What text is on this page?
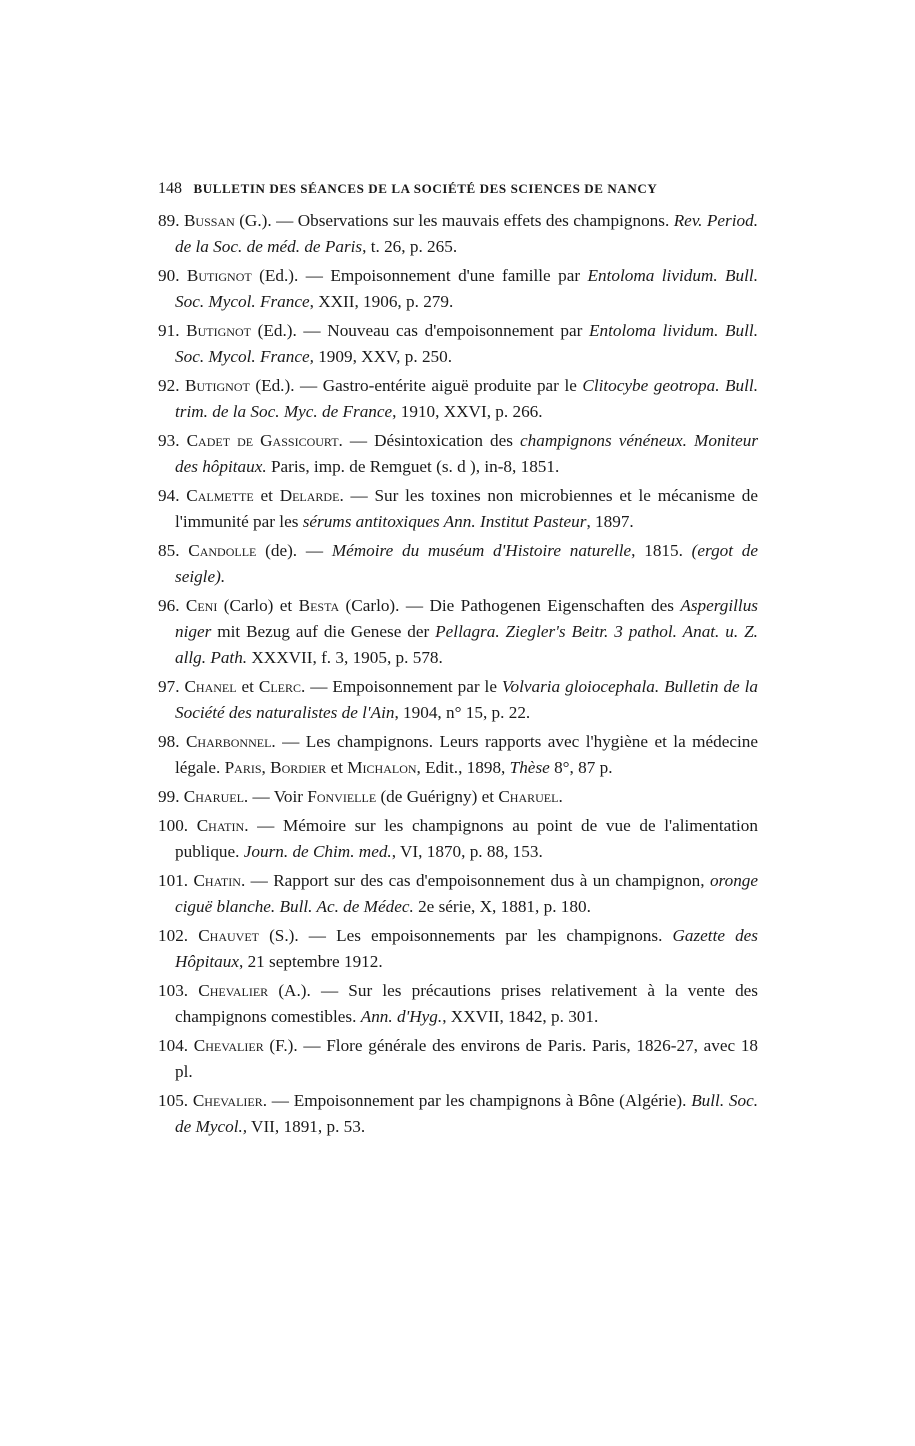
148 BULLETIN DES SÉANCES DE LA SOCIÉTÉ DES SCIENCES DE NANCY
89. Bussan (G.). — Observations sur les mauvais effets des champignons. Rev. Period. de la Soc. de méd. de Paris, t. 26, p. 265.
90. Butignot (Ed.). — Empoisonnement d'une famille par Entoloma lividum. Bull. Soc. Mycol. France, XXII, 1906, p. 279.
91. Butignot (Ed.). — Nouveau cas d'empoisonnement par Entoloma lividum. Bull. Soc. Mycol. France, 1909, XXV, p. 250.
92. Butignot (Ed.). — Gastro-entérite aiguë produite par le Clitocybe geotropa. Bull. trim. de la Soc. Myc. de France, 1910, XXVI, p. 266.
93. Cadet de Gassicourt. — Désintoxication des champignons vénéneux. Moniteur des hôpitaux. Paris, imp. de Remguet (s. d ), in-8, 1851.
94. Calmette et Delarde. — Sur les toxines non microbiennes et le mécanisme de l'immunité par les sérums antitoxiques Ann. Institut Pasteur, 1897.
85. Candolle (de). — Mémoire du muséum d'Histoire naturelle, 1815. (ergot de seigle).
96. Ceni (Carlo) et Besta (Carlo). — Die Pathogenen Eigenschaften des Aspergillus niger mit Bezug auf die Genese der Pellagra. Ziegler's Beitr. 3 pathol. Anat. u. Z. allg. Path. XXXVII, f. 3, 1905, p. 578.
97. Chanel et Clerc. — Empoisonnement par le Volvaria gloiocephala. Bulletin de la Société des naturalistes de l'Ain, 1904, n° 15, p. 22.
98. Charbonnel. — Les champignons. Leurs rapports avec l'hygiène et la médecine légale. Paris, Bordier et Michalon, Edit., 1898, Thèse 8°, 87 p.
99. Charuel. — Voir Fonvielle (de Guérigny) et Charuel.
100. Chatin. — Mémoire sur les champignons au point de vue de l'alimentation publique. Journ. de Chim. med., VI, 1870, p. 88, 153.
101. Chatin. — Rapport sur des cas d'empoisonnement dus à un champignon, oronge ciguë blanche. Bull. Ac. de Médec. 2e série, X, 1881, p. 180.
102. Chauvet (S.). — Les empoisonnements par les champignons. Gazette des Hôpitaux, 21 septembre 1912.
103. Chevalier (A.). — Sur les précautions prises relativement à la vente des champignons comestibles. Ann. d'Hyg., XXVII, 1842, p. 301.
104. Chevalier (F.). — Flore générale des environs de Paris. Paris, 1826-27, avec 18 pl.
105. Chevalier. — Empoisonnement par les champignons à Bône (Algérie). Bull. Soc. de Mycol., VII, 1891, p. 53.
